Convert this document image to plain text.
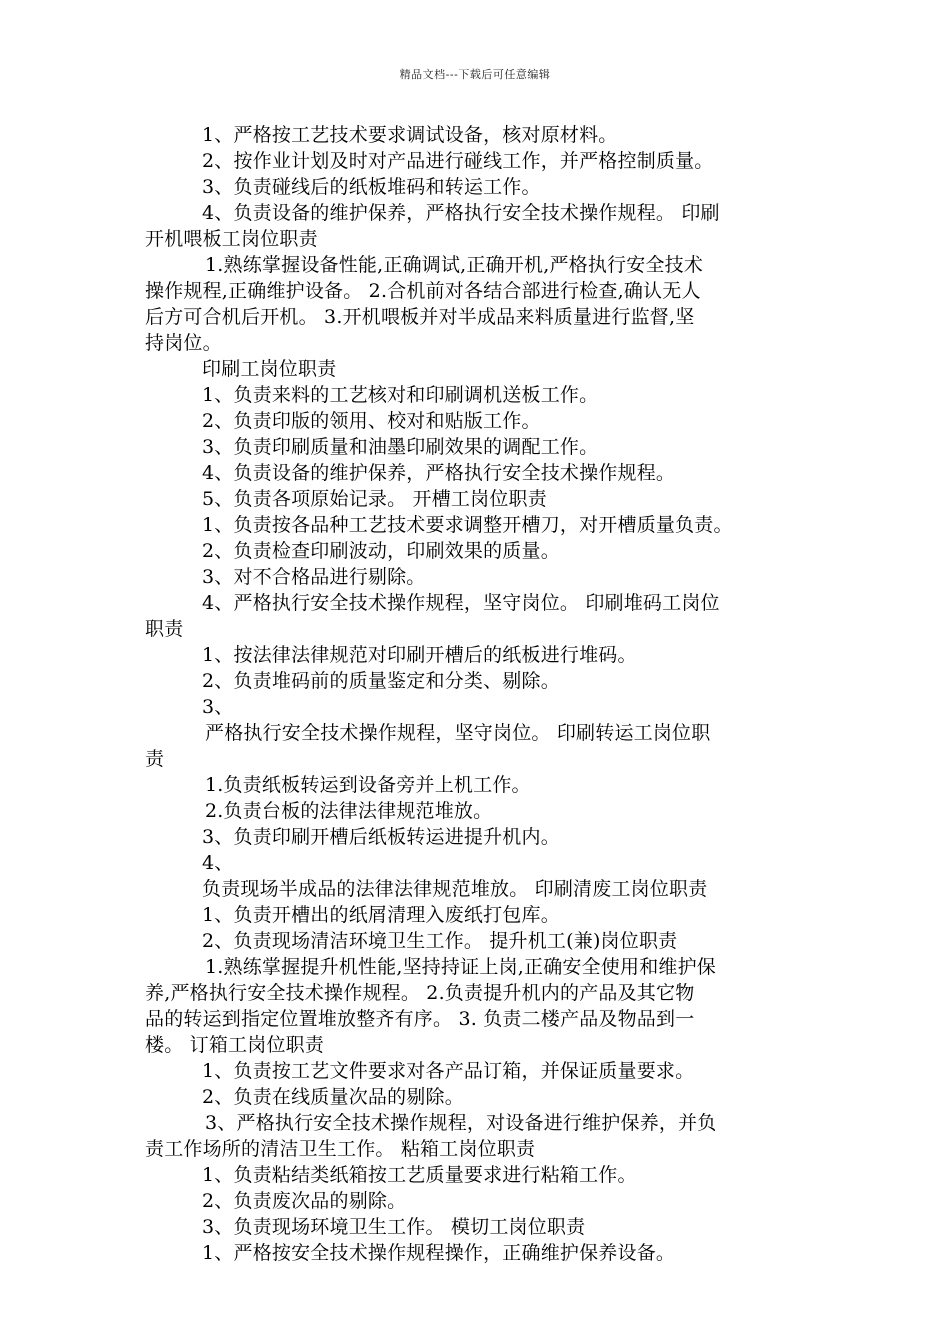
精品文档---下载后可任意编辑
1、严格按工艺技术要求调试设备，核对原材料。
2、按作业计划及时对产品进行碰线工作，并严格控制质量。
3、负责碰线后的纸板堆码和转运工作。
4、负责设备的维护保养，严格执行安全技术操作规程。 印刷
开机喂板工岗位职责
1.熟练掌握设备性能,正确调试,正确开机,严格执行安全技术
操作规程,正确维护设备。 2.合机前对各结合部进行检查,确认无人
后方可合机后开机。 3.开机喂板并对半成品来料质量进行监督,坚
持岗位。
印刷工岗位职责
1、负责来料的工艺核对和印刷调机送板工作。
2、负责印版的领用、校对和贴版工作。
3、负责印刷质量和油墨印刷效果的调配工作。
4、负责设备的维护保养，严格执行安全技术操作规程。
5、负责各项原始记录。 开槽工岗位职责
1、负责按各品种工艺技术要求调整开槽刀，对开槽质量负责。
2、负责检查印刷波动，印刷效果的质量。
3、对不合格品进行剔除。
4、严格执行安全技术操作规程，坚守岗位。 印刷堆码工岗位
职责
1、按法律法律规范对印刷开槽后的纸板进行堆码。
2、负责堆码前的质量鉴定和分类、剔除。
3、
严格执行安全技术操作规程，坚守岗位。 印刷转运工岗位职
责
1.负责纸板转运到设备旁并上机工作。
2.负责台板的法律法律规范堆放。
3、负责印刷开槽后纸板转运进提升机内。
4、
负责现场半成品的法律法律规范堆放。 印刷清废工岗位职责
1、负责开槽出的纸屑清理入废纸打包库。
2、负责现场清洁环境卫生工作。 提升机工(兼)岗位职责
1.熟练掌握提升机性能,坚持持证上岗,正确安全使用和维护保
养,严格执行安全技术操作规程。 2.负责提升机内的产品及其它物
品的转运到指定位置堆放整齐有序。 3. 负责二楼产品及物品到一
楼。 订箱工岗位职责
1、负责按工艺文件要求对各产品订箱，并保证质量要求。
2、负责在线质量次品的剔除。
3、严格执行安全技术操作规程，对设备进行维护保养，并负
责工作场所的清洁卫生工作。 粘箱工岗位职责
1、负责粘结类纸箱按工艺质量要求进行粘箱工作。
2、负责废次品的剔除。
3、负责现场环境卫生工作。 模切工岗位职责
1、严格按安全技术操作规程操作，正确维护保养设备。
